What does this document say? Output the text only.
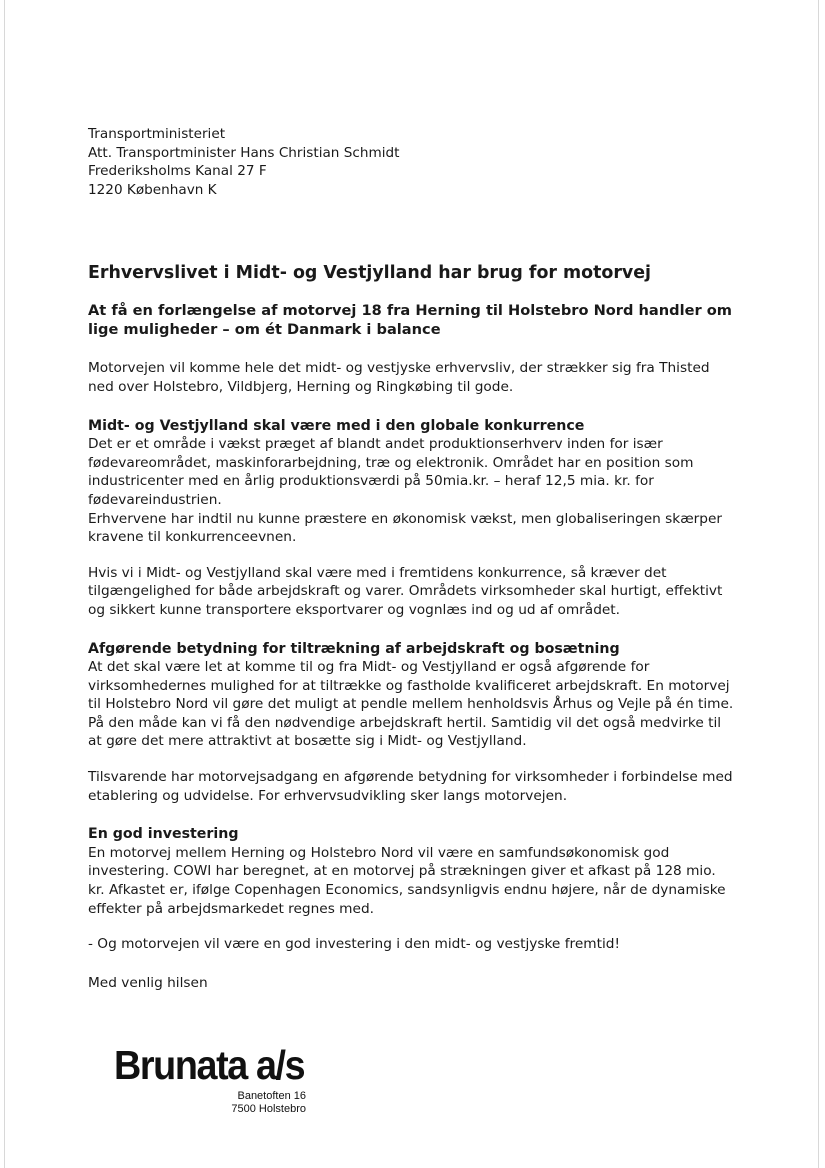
Transportministeriet
Att. Transportminister Hans Christian Schmidt
Frederiksholms Kanal 27 F
1220 København K
Erhvervslivet i Midt- og Vestjylland har brug for motorvej
At få en forlængelse af motorvej 18 fra Herning til Holstebro Nord handler om lige muligheder – om ét Danmark i balance

Motorvejen vil komme hele det midt- og vestjyske erhvervsliv, der strækker sig fra Thisted ned over Holstebro, Vildbjerg, Herning og Ringkøbing til gode.

Midt- og Vestjylland skal være med i den globale konkurrence

Det er et område i vækst præget af blandt andet produktionserhverv inden for især fødevareområdet, maskinforarbejdning, træ og elektronik. Området har en position som industricenter med en årlig produktionsværdi på 50mia.kr. – heraf 12,5 mia. kr. for fødevareindustrien.

Erhvervene har indtil nu kunne præstere en økonomisk vækst, men globaliseringen skærper kravene til konkurrenceevnen.

Hvis vi i Midt- og Vestjylland skal være med i fremtidens konkurrence, så kræver det tilgængelighed for både arbejdskraft og varer. Områdets virksomheder skal hurtigt, effektivt og sikkert kunne transportere eksportvarer og vognlæs ind og ud af området.

Afgørende betydning for tiltrækning af arbejdskraft og bosætning

At det skal være let at komme til og fra Midt- og Vestjylland er også afgørende for virksomhedernes mulighed for at tiltrække og fastholde kvalificeret arbejdskraft. En motorvej til Holstebro Nord vil gøre det muligt at pendle mellem henholdsvis Århus og Vejle på én time. På den måde kan vi få den nødvendige arbejdskraft hertil. Samtidig vil det også medvirke til at gøre det mere attraktivt at bosætte sig i Midt- og Vestjylland.

Tilsvarende har motorvejsadgang en afgørende betydning for virksomheder i forbindelse med etablering og udvidelse. For erhvervsudvikling sker langs motorvejen.

En god investering

En motorvej mellem Herning og Holstebro Nord vil være en samfundsøkonomisk god investering. COWI har beregnet, at en motorvej på strækningen giver et afkast på 128 mio. kr. Afkastet er, ifølge Copenhagen Economics, sandsynligvis endnu højere, når de dynamiske effekter på arbejdsmarkedet regnes med.

- Og motorvejen vil være en god investering i den midt- og vestjyske fremtid!

Med venlig hilsen

Brunata a/s
Banetoften 16
7500 Holstebro
